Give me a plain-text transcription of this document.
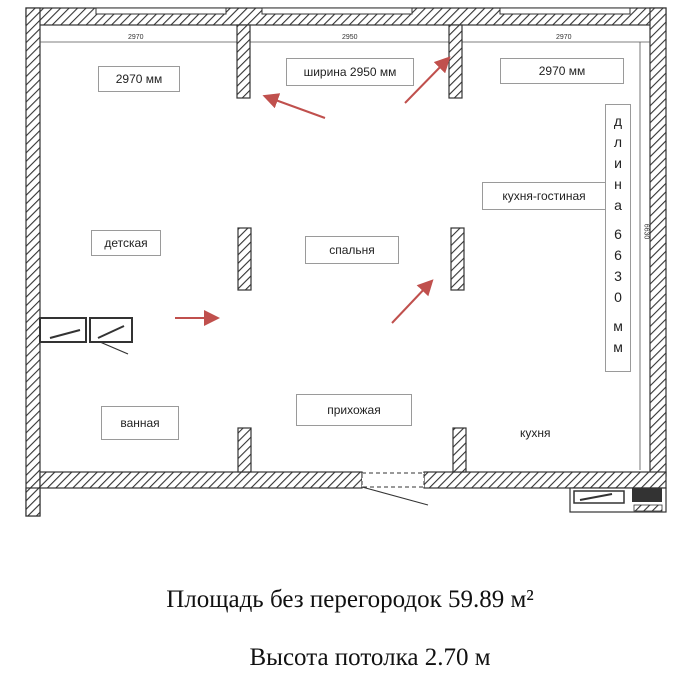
2970	2950	2970
6630
2970 мм	ширина 2950 мм	2970 мм
кухня-гостиная
детская	спальня
ванная
прихожая
кухня
д
л
и
н
а
6
6
3
0
м
м
Площадь без перегородок 59.89 м²
Высота потолка 2.70 м
